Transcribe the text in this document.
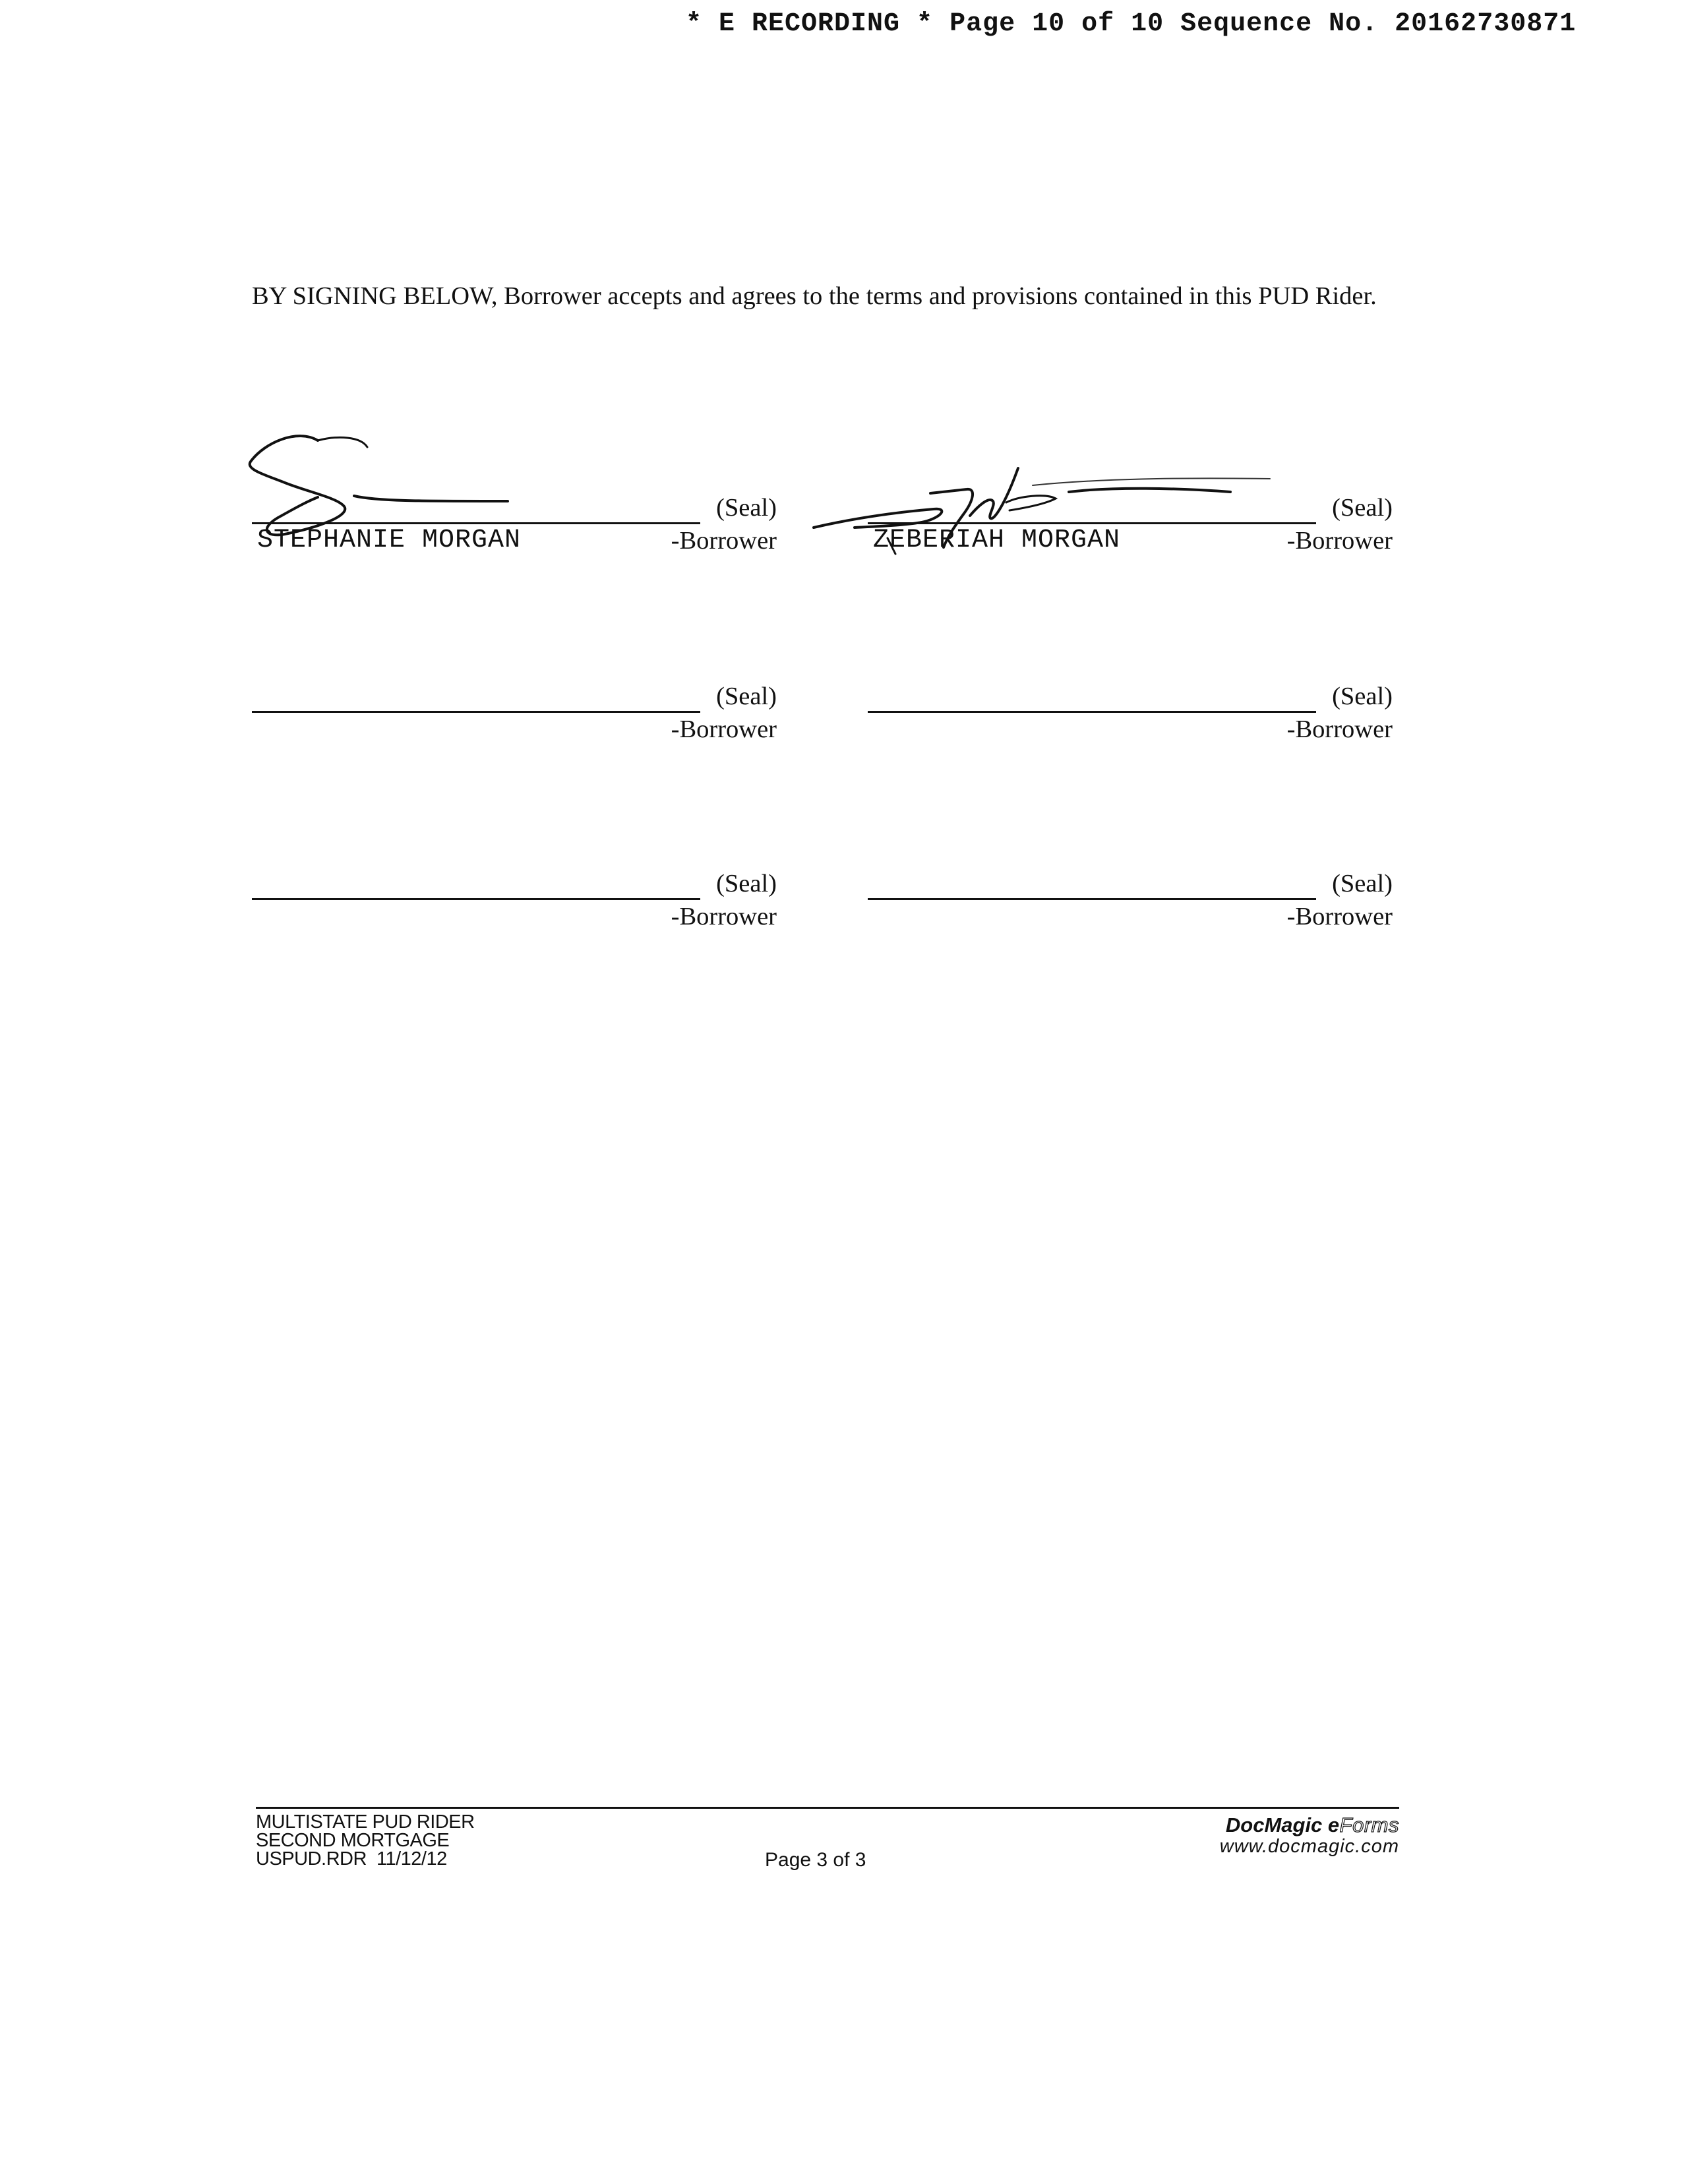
* E RECORDING * Page 10 of 10 Sequence No. 20162730871

BY SIGNING BELOW, Borrower accepts and agrees to the terms and provisions contained in this PUD Rider.

(Seal)
-Borrower
STEPHANIE MORGAN
(Seal)
-Borrower
ZEBERIAH MORGAN
(Seal)
-Borrower
(Seal)
-Borrower
(Seal)
-Borrower
(Seal)
-Borrower
MULTISTATE PUD RIDER
SECOND MORTGAGE
USPUD.RDR  11/12/12	Page 3 of 3
DocMagic eForms
www.docmagic.com
